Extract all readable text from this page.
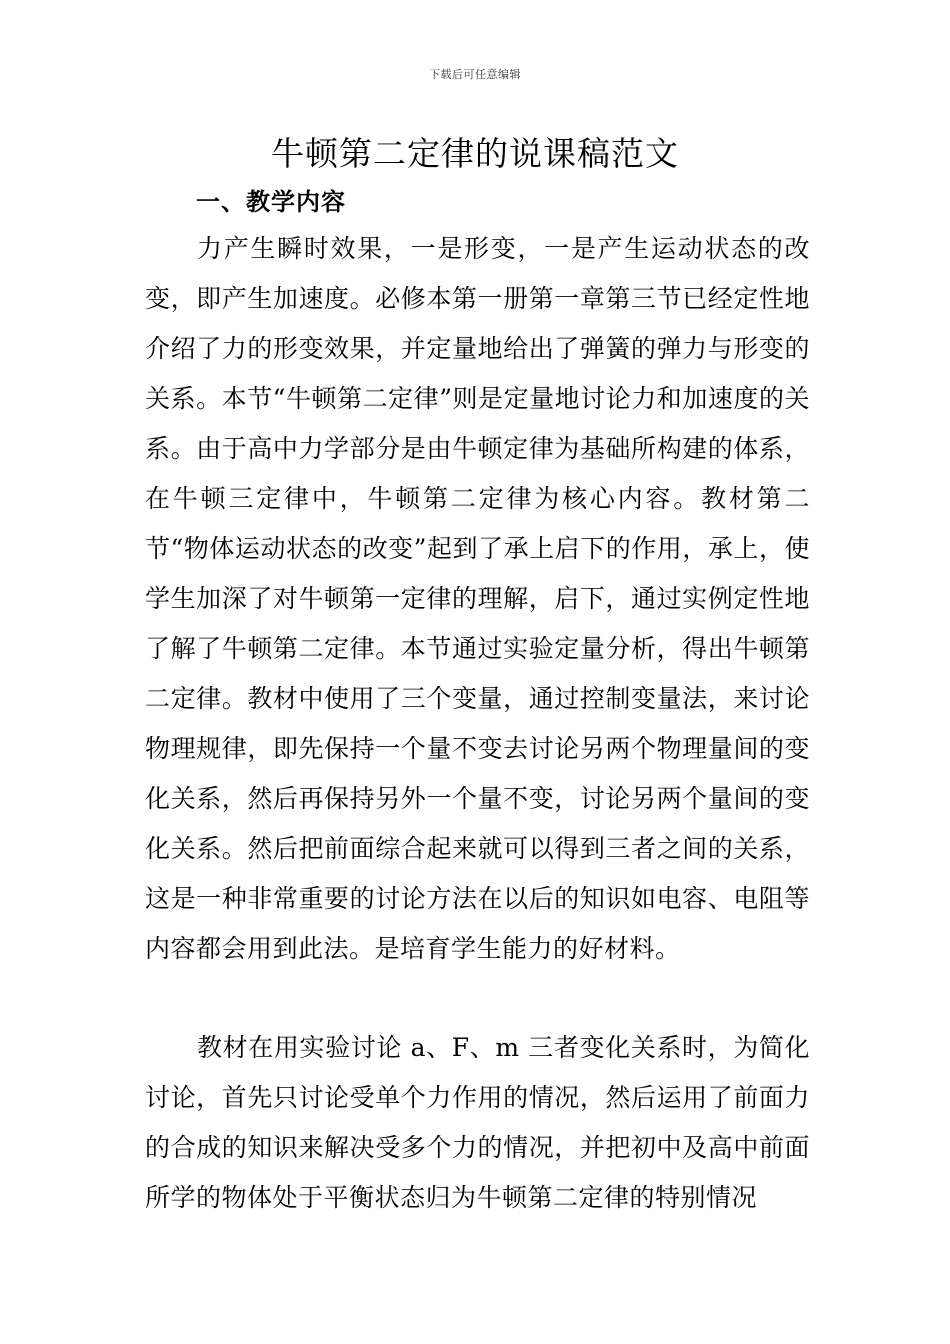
下载后可任意编辑
牛顿第二定律的说课稿范文
一、教学内容

力产生瞬时效果，一是形变，一是产生运动状态的改变，即产生加速度。必修本第一册第一章第三节已经定性地介绍了力的形变效果，并定量地给出了弹簧的弹力与形变的关系。本节“牛顿第二定律”则是定量地讨论力和加速度的关系。由于高中力学部分是由牛顿定律为基础所构建的体系，在牛顿三定律中，牛顿第二定律为核心内容。教材第二节“物体运动状态的改变”起到了承上启下的作用，承上，使学生加深了对牛顿第一定律的理解，启下，通过实例定性地了解了牛顿第二定律。本节通过实验定量分析，得出牛顿第二定律。教材中使用了三个变量，通过控制变量法，来讨论物理规律，即先保持一个量不变去讨论另两个物理量间的变化关系，然后再保持另外一个量不变，讨论另两个量间的变化关系。然后把前面综合起来就可以得到三者之间的关系，这是一种非常重要的讨论方法在以后的知识如电容、电阻等内容都会用到此法。是培育学生能力的好材料。

教材在用实验讨论 a、F、m 三者变化关系时，为简化讨论，首先只讨论受单个力作用的情况，然后运用了前面力的合成的知识来解决受多个力的情况，并把初中及高中前面所学的物体处于平衡状态归为牛顿第二定律的特别情况
